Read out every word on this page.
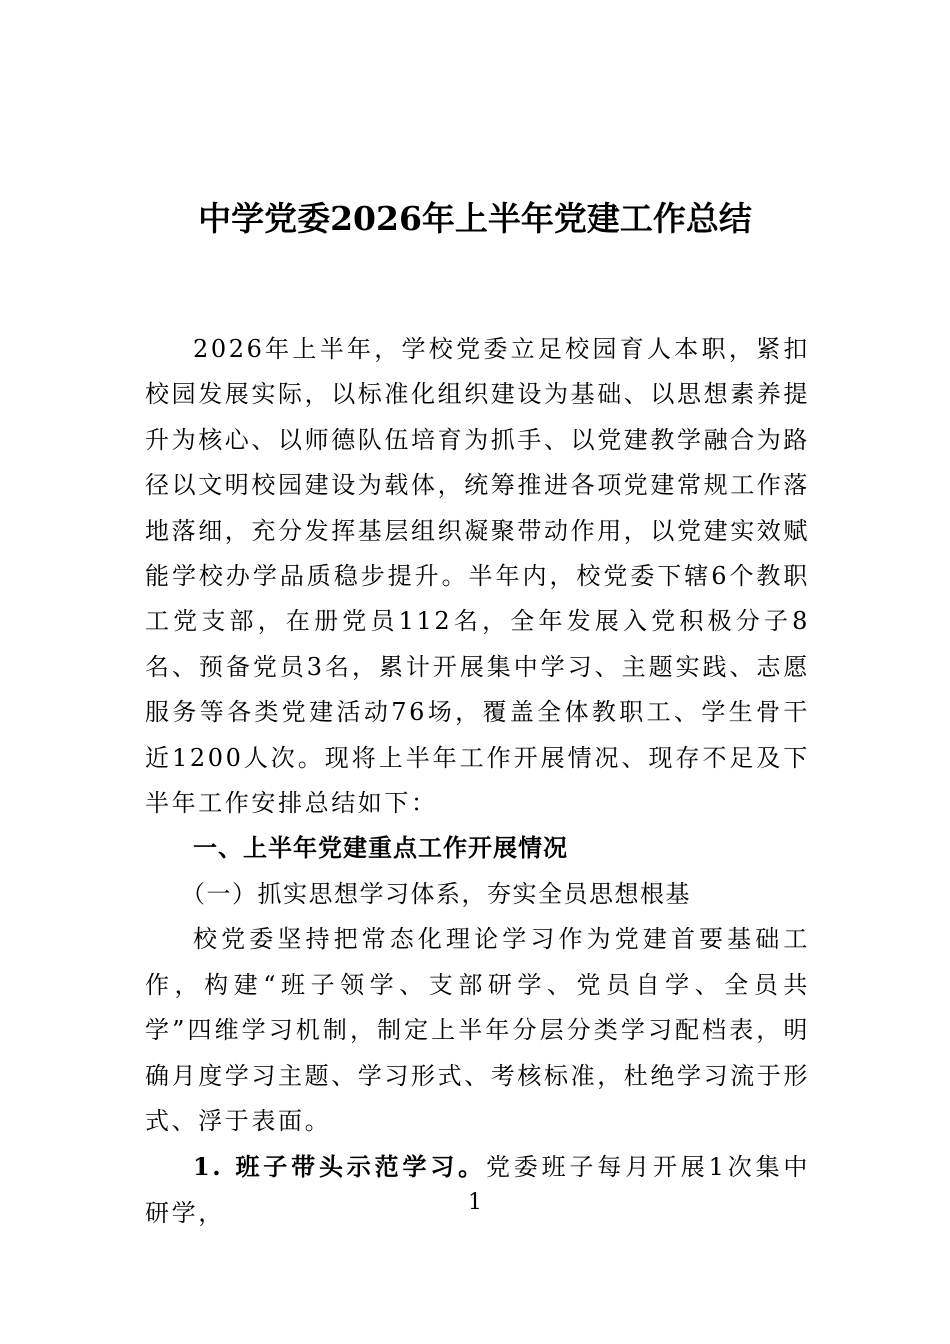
中学党委2026年上半年党建工作总结

2026年上半年，学校党委立足校园育人本职，紧扣校园发展实际，以标准化组织建设为基础、以思想素养提升为核心、以师德队伍培育为抓手、以党建教学融合为路径以文明校园建设为载体，统筹推进各项党建常规工作落地落细，充分发挥基层组织凝聚带动作用，以党建实效赋能学校办学品质稳步提升。半年内，校党委下辖6个教职工党支部，在册党员112名，全年发展入党积极分子8名、预备党员3名，累计开展集中学习、主题实践、志愿服务等各类党建活动76场，覆盖全体教职工、学生骨干近1200人次。现将上半年工作开展情况、现存不足及下半年工作安排总结如下：

一、上半年党建重点工作开展情况

（一）抓实思想学习体系，夯实全员思想根基

校党委坚持把常态化理论学习作为党建首要基础工作，构建“班子领学、支部研学、党员自学、全员共学”四维学习机制，制定上半年分层分类学习配档表，明确月度学习主题、学习形式、考核标准，杜绝学习流于形式、浮于表面。

1. 班子带头示范学习。党委班子每月开展1次集中研学，	1
